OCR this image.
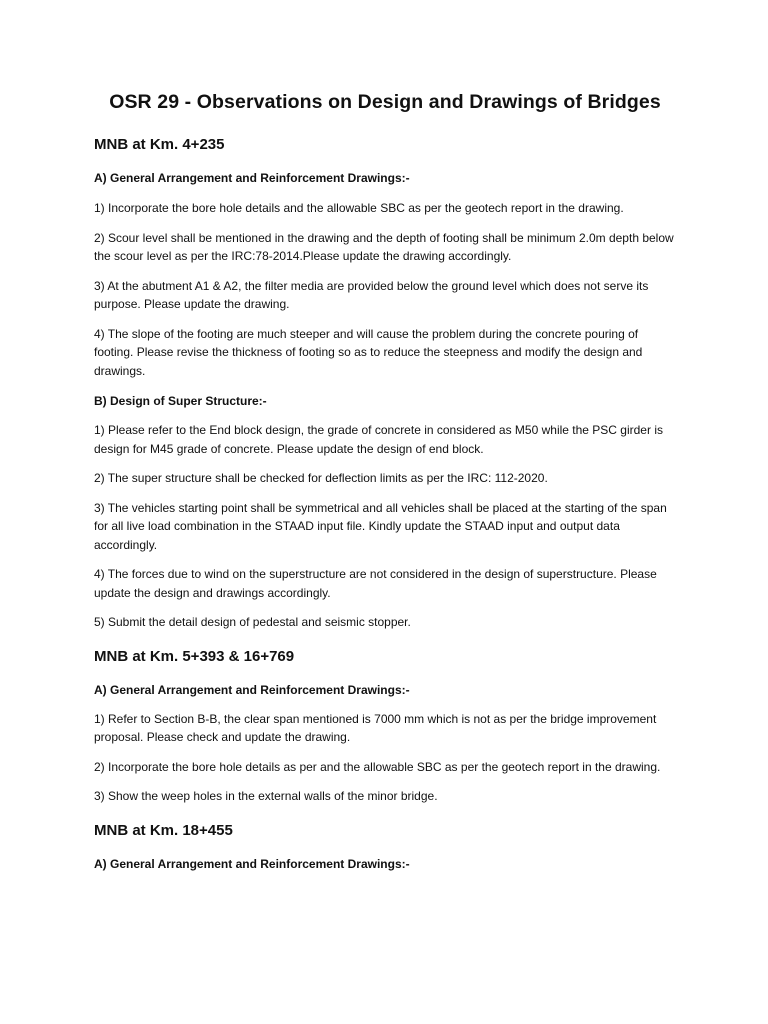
OSR 29 - Observations on Design and Drawings of Bridges
MNB at Km. 4+235
A) General Arrangement and Reinforcement Drawings:-

1) Incorporate the bore hole details and the allowable SBC as per the geotech report in the drawing.

2) Scour level shall be mentioned in the drawing and the depth of footing shall be minimum 2.0m depth below the scour level as per the IRC:78-2014.Please update the drawing accordingly.

3) At the abutment A1 & A2, the filter media are provided below the ground level which does not serve its purpose. Please update the drawing.

4) The slope of the footing are much steeper and will cause the problem during the concrete pouring of footing. Please revise the thickness of footing so as to reduce the steepness and modify the design and drawings.

B) Design of Super Structure:-

1) Please refer to the End block design, the grade of concrete in considered as M50 while the PSC girder is design for M45 grade of concrete. Please update the design of end block.

2) The super structure shall be checked for deflection limits as per the IRC: 112-2020.

3) The vehicles starting point shall be symmetrical and all vehicles shall be placed at the starting of the span for all live load combination in the STAAD input file. Kindly update the STAAD input and output data accordingly.

4) The forces due to wind on the superstructure are not considered in the design of superstructure. Please update the design and drawings accordingly.

5) Submit the detail design of pedestal and seismic stopper.

MNB at Km. 5+393 & 16+769
A) General Arrangement and Reinforcement Drawings:-

1) Refer to Section B-B, the clear span mentioned is 7000 mm which is not as per the bridge improvement proposal. Please check and update the drawing.

2) Incorporate the bore hole details as per and the allowable SBC as per the geotech report in the drawing.

3) Show the weep holes in the external walls of the minor bridge.

MNB at Km. 18+455
A) General Arrangement and Reinforcement Drawings:-
